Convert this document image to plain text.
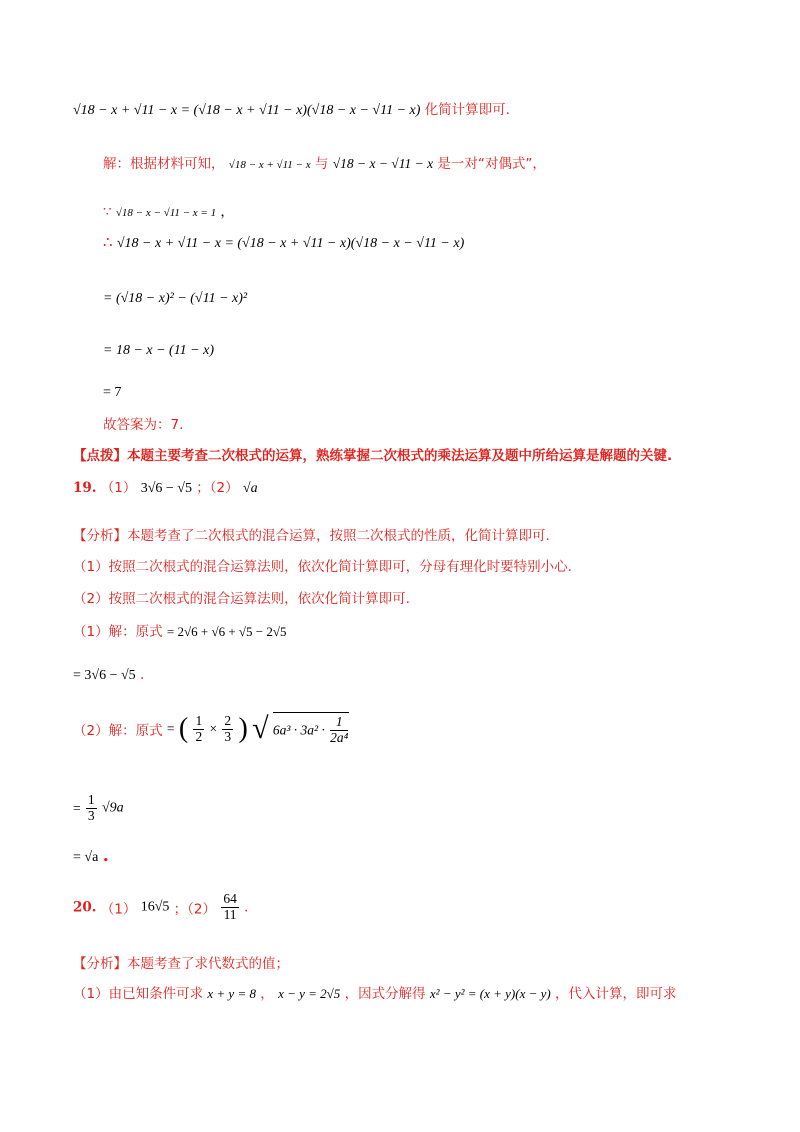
√18 − x + √11 − x = (√18 − x + √11 − x)(√18 − x − √11 − x) 化简计算即可.
解：根据材料可知， √18 − x + √11 − x 与 √18 − x − √11 − x 是一对“对偶式”，
∵ √18 − x − √11 − x = 1 ，
∴ √18 − x + √11 − x = (√18 − x + √11 − x)(√18 − x − √11 − x)
= (√18 − x)² − (√11 − x)²
= 18 − x − (11 − x)
= 7
故答案为：7.
【点拨】本题主要考查二次根式的运算，熟练掌握二次根式的乘法运算及题中所给运算是解题的关键.
19. （1） 3√6 − √5 ；（2） √a
【分析】本题考查了二次根式的混合运算，按照二次根式的性质，化简计算即可.
（1）按照二次根式的混合运算法则，依次化简计算即可，分母有理化时要特别小心.
（2）按照二次根式的混合运算法则，依次化简计算即可.
（1）解：原式 = 2√6 + √6 + √5 − 2√5
= 3√6 − √5 .
（2）解：原式 = ( $\frac{1}{2} \times \frac{2}{3}$ ) √ $6a^3 \cdot 3a^2 \cdot \frac{1}{\text{2a⁴}}$
= $\frac{1}{3} √9a$
= √a .
20. （1） 16√5 ；$(2) \frac{64}{11}$ .
【分析】本题考查了求代数式的值；
（1）由已知条件可求 x + y = 8 ， x − y = 2√5 ，因式分解得 x² − y² = (x + y)(x − y) ，代入计算，即可求
